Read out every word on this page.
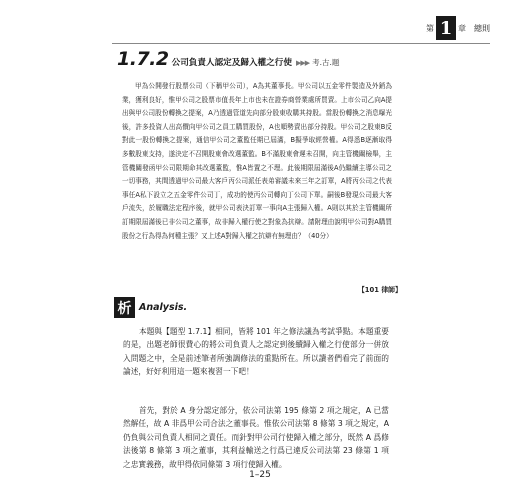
第 1 章 總則
1.7.2 公司負責人認定及歸入權之行使 ▶▶▶ 考.古.題

甲為公開發行股票公司（下稱甲公司），A為其董事長。甲公司以五金零件製造及外銷為業，獲利良好，惟甲公司之股票市值長年上市也未在證券商營業處所買賣。上市公司乙向A提出與甲公司股份轉換之提案，A乃透過管道先向部分股東收購其持股。當股份轉換之消息曝光後，許多投資人出高價向甲公司之員工購買股份，A也順勢賣出部分持股。甲公司之股東B反對此一股份轉換之提案，通信甲公司之董監任期已屆滿，B擬爭取經營權。A得悉B逐漸取得多數股東支持，遂決定不召開股東會改選董監。B不滿股東會遲未召開，向主管機關檢舉，主管機關發函甲公司限期命其改選董監，惟A皆置之不理。此後期限屆滿後A仍繼續主導公司之一切事務，其間透過甲公司最大客戶丙公司派任表弟審議未來三年之訂單，A將丙公司之代表事任A私下設立之五金零件公司丁，成功的使丙公司轉向丁公司下單。嗣後B發現公司最大客戶流失，於履職法定程序後，就甲公司表決訂單一事向A主張歸入權。A則以其於主管機關所訂期限屆滿後已非公司之董事，故非歸入權行使之對象為抗辯。請附理由說明甲公司對A購買股份之行為得為何種主張？又上述A對歸入權之抗辯有無理由？（40分）

【101 律師】
析 Analysis.

本題與【題型 1.7.1】相同，皆將 101 年之修法議為考試爭點。本題重要的是，出題老師很費心的將公司負責人之認定到後續歸入權之行使部分一併放入問題之中，全是前述筆者所強調修法的重點所在。所以讀者們看完了前面的論述，好好利用這一題來複習一下吧！

首先，對於 A 身分認定部分，依公司法第 195 條第 2 項之規定，A 已當然解任，故 A 非爲甲公司合法之董事長。惟依公司法第 8 條第 3 項之規定，A 仍負與公司負責人相同之責任。而針對甲公司行使歸入權之部分，既然 A 爲修法後第 8 條第 3 項之董事，其利益輸送之行爲已違反公司法第 23 條第 1 項之忠實義務，故甲得依同條第 3 項行使歸入權。

1–25
